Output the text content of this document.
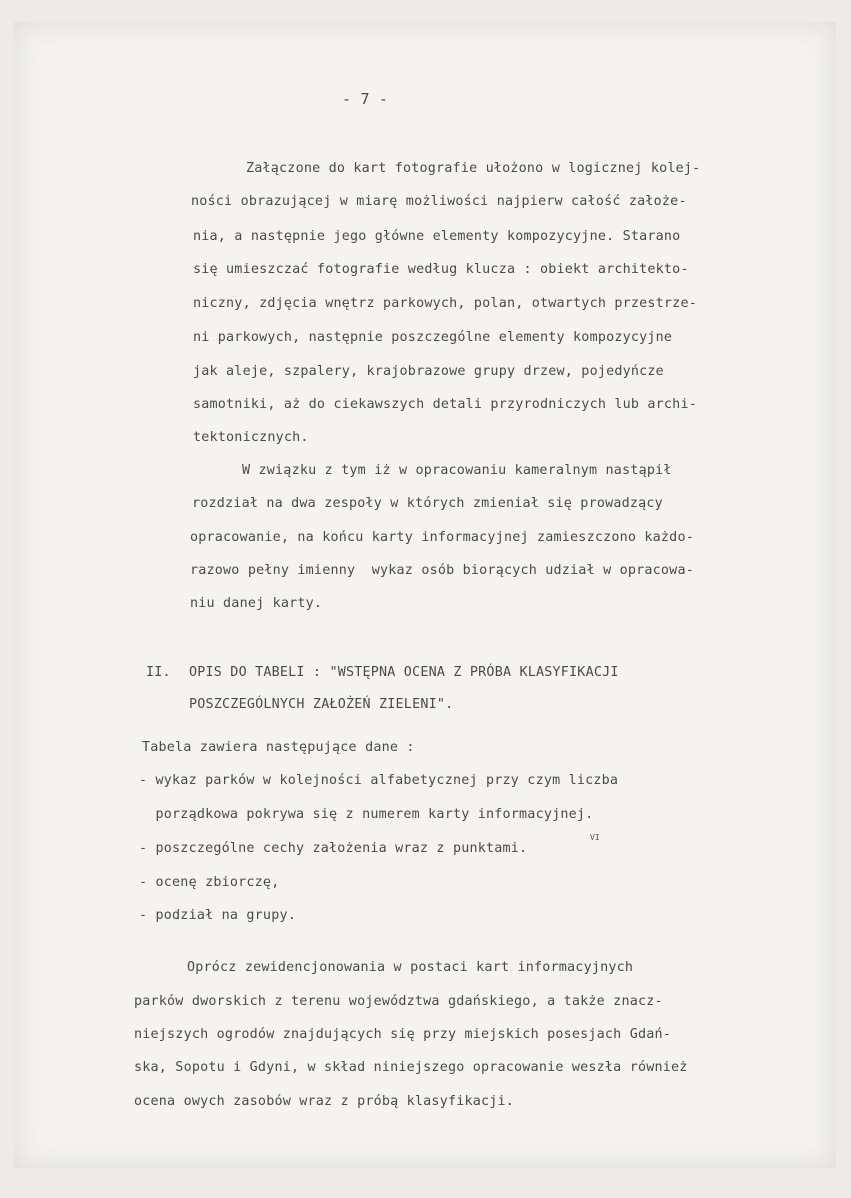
- 7 -
Załączone do kart fotografie ułożono w logicznej kolej-
ności obrazującej w miarę możliwości najpierw całość założe-
nia, a następnie jego główne elementy kompozycyjne. Starano
się umieszczać fotografie według klucza : obiekt architekto-
niczny, zdjęcia wnętrz parkowych, polan, otwartych przestrze-
ni parkowych, następnie poszczególne elementy kompozycyjne
jak aleje, szpalery, krajobrazowe grupy drzew, pojedyńcze
samotniki, aż do ciekawszych detali przyrodniczych lub archi-
tektonicznych.
W związku z tym iż w opracowaniu kameralnym nastąpił
rozdział na dwa zespoły w których zmieniał się prowadzący
opracowanie, na końcu karty informacyjnej zamieszczono każdo-
razowo pełny imienny  wykaz osób biorących udział w opracowa-
niu danej karty.
II. OPIS DO TABELI : "WSTĘPNA OCENA Z PRÓBA KLASYFIKACJI
POSZCZEGÓLNYCH ZAŁOŻEŃ ZIELENI".
Tabela zawiera następujące dane :
- wykaz parków w kolejności alfabetycznej przy czym liczba
porządkowa pokrywa się z numerem karty informacyjnej.
- poszczególne cechy założenia wraz z punktami.
VI
- ocenę zbiorczę,
- podział na grupy.
Oprócz zewidencjonowania w postaci kart informacyjnych
parków dworskich z terenu województwa gdańskiego, a także znacz-
niejszych ogrodów znajdujących się przy miejskich posesjach Gdań-
ska, Sopotu i Gdyni, w skład niniejszego opracowanie weszła również
ocena owych zasobów wraz z próbą klasyfikacji.
